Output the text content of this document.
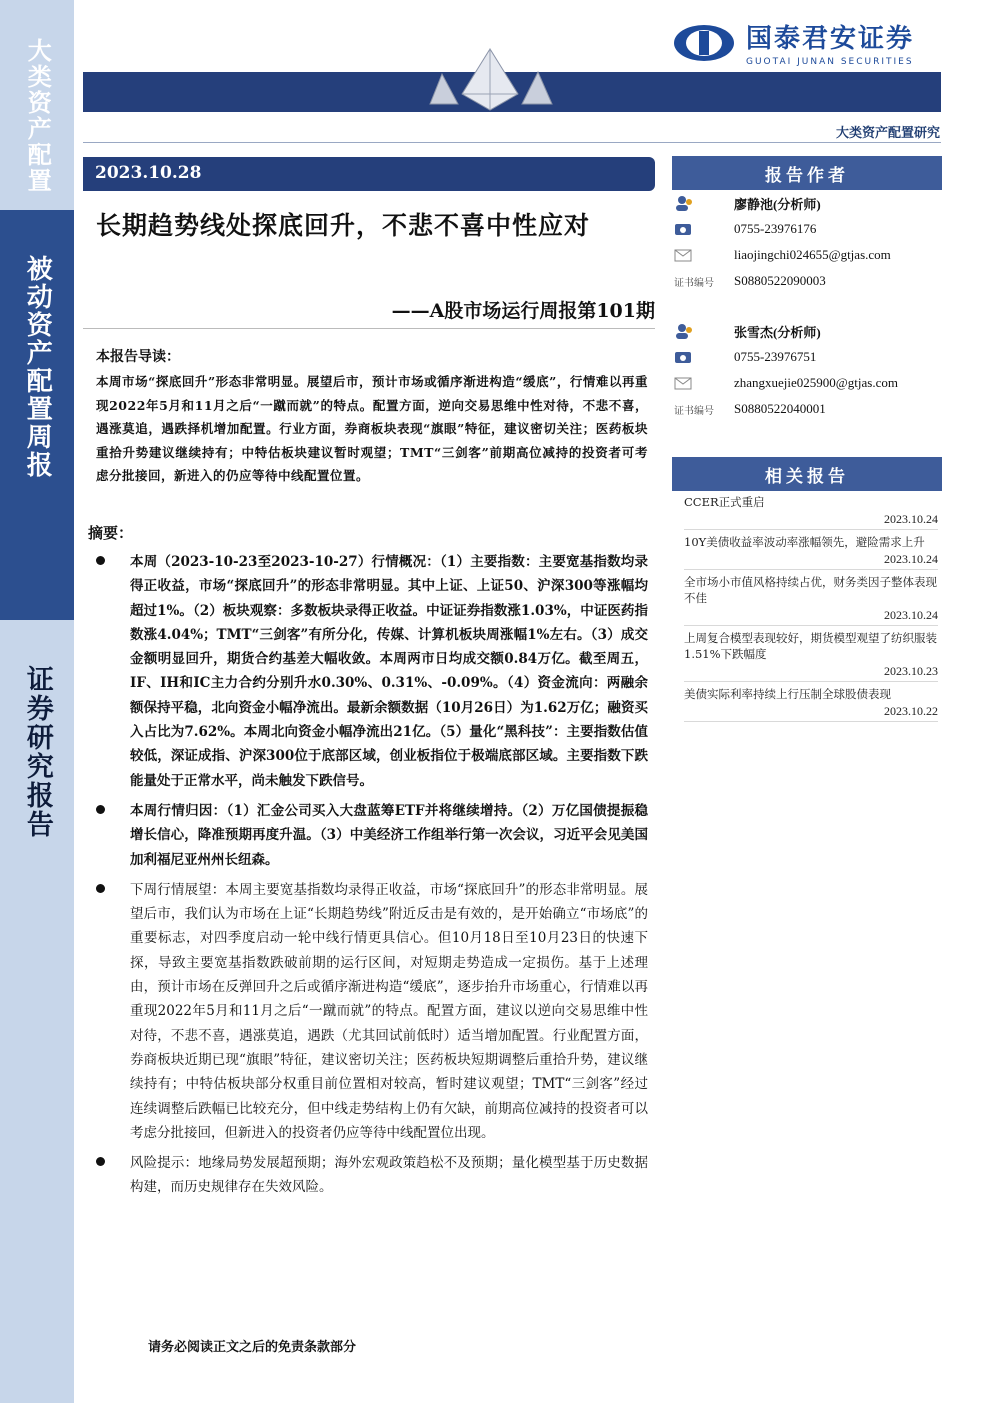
大类资产配置
被动资产配置周报
证券研究报告
国泰君安证券
GUOTAI JUNAN SECURITIES
大类资产配置研究
2023.10.28
长期趋势线处探底回升，不悲不喜中性应对
——A股市场运行周报第101期
本报告导读：
本周市场“探底回升”形态非常明显。展望后市，预计市场或循序渐进构造“缓底”，行情难以再重现2022年5月和11月之后“一蹴而就”的特点。配置方面，逆向交易思维中性对待，不悲不喜，遇涨莫追，遇跌择机增加配置。行业方面，券商板块表现“旗眼”特征，建议密切关注；医药板块重拾升势建议继续持有；中特估板块建议暂时观望；TMT“三剑客”前期高位减持的投资者可考虑分批接回，新进入的仍应等待中线配置位置。
摘要：
本周（2023-10-23至2023-10-27）行情概况：（1）主要指数：主要宽基指数均录得正收益，市场“探底回升”的形态非常明显。其中上证、上证50、沪深300等涨幅均超过1%。（2）板块观察：多数板块录得正收益。中证证券指数涨1.03%，中证医药指数涨4.04%；TMT“三剑客”有所分化，传媒、计算机板块周涨幅1%左右。（3）成交金额明显回升，期货合约基差大幅收敛。本周两市日均成交额0.84万亿。截至周五，IF、IH和IC主力合约分别升水0.30%、0.31%、-0.09%。（4）资金流向：两融余额保持平稳，北向资金小幅净流出。最新余额数据（10月26日）为1.62万亿；融资买入占比为7.62%。本周北向资金小幅净流出21亿。（5）量化“黑科技”：主要指数估值较低，深证成指、沪深300位于底部区域，创业板指位于极端底部区域。主要指数下跌能量处于正常水平，尚未触发下跌信号。
本周行情归因：（1）汇金公司买入大盘蓝筹ETF并将继续增持。（2）万亿国债提振稳增长信心，降准预期再度升温。（3）中美经济工作组举行第一次会议，习近平会见美国加利福尼亚州州长纽森。
下周行情展望：本周主要宽基指数均录得正收益，市场“探底回升”的形态非常明显。展望后市，我们认为市场在上证“长期趋势线”附近反击是有效的，是开始确立“市场底”的重要标志，对四季度启动一轮中线行情更具信心。但10月18日至10月23日的快速下探，导致主要宽基指数跌破前期的运行区间，对短期走势造成一定损伤。基于上述理由，预计市场在反弹回升之后或循序渐进构造“缓底”，逐步抬升市场重心，行情难以再重现2022年5月和11月之后“一蹴而就”的特点。配置方面，建议以逆向交易思维中性对待，不悲不喜，遇涨莫追，遇跌（尤其回试前低时）适当增加配置。行业配置方面，券商板块近期已现“旗眼”特征，建议密切关注；医药板块短期调整后重拾升势，建议继续持有；中特估板块部分权重目前位置相对较高，暂时建议观望；TMT“三剑客”经过连续调整后跌幅已比较充分，但中线走势结构上仍有欠缺，前期高位减持的投资者可以考虑分批接回，但新进入的投资者仍应等待中线配置位出现。
风险提示：地缘局势发展超预期；海外宏观政策趋松不及预期；量化模型基于历史数据构建，而历史规律存在失效风险。
请务必阅读正文之后的免责条款部分
报告作者
廖静池(分析师)
0755-23976176
liaojingchi024655@gtjas.com
证书编号	S0880522090003
张雪杰(分析师)
0755-23976751
zhangxuejie025900@gtjas.com
证书编号	S0880522040001
相关报告
CCER正式重启
2023.10.24
10Y美债收益率波动率涨幅领先，避险需求上升
2023.10.24
全市场小市值风格持续占优，财务类因子整体表现不佳
2023.10.24
上周复合模型表现较好，期货模型观望了纺织服装1.51%下跌幅度
2023.10.23
美债实际利率持续上行压制全球股债表现
2023.10.22
